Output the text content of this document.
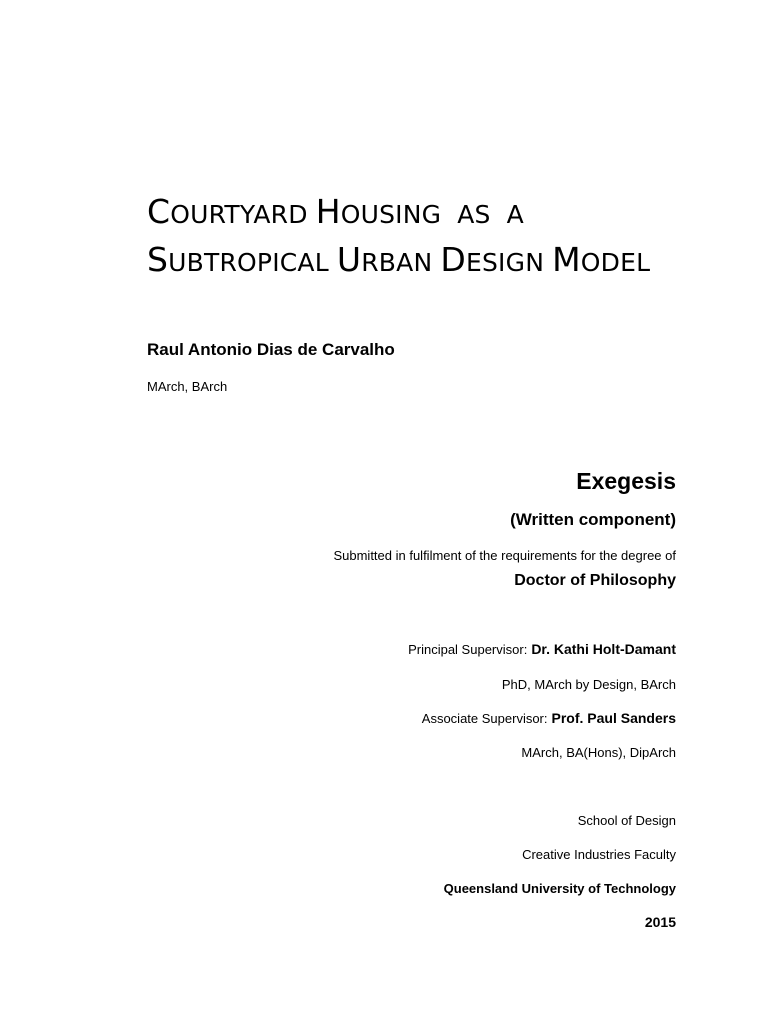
COURTYARD HOUSING AS A
SUBTROPICAL URBAN DESIGN MODEL

Raul Antonio Dias de Carvalho

MArch, BArch
Exegesis
(Written component)
Submitted in fulfilment of the requirements for the degree of
Doctor of Philosophy
Principal Supervisor: Dr. Kathi Holt-Damant
PhD, MArch by Design, BArch
Associate Supervisor: Prof. Paul Sanders
MArch, BA(Hons), DipArch
School of Design
Creative Industries Faculty
Queensland University of Technology
2015
